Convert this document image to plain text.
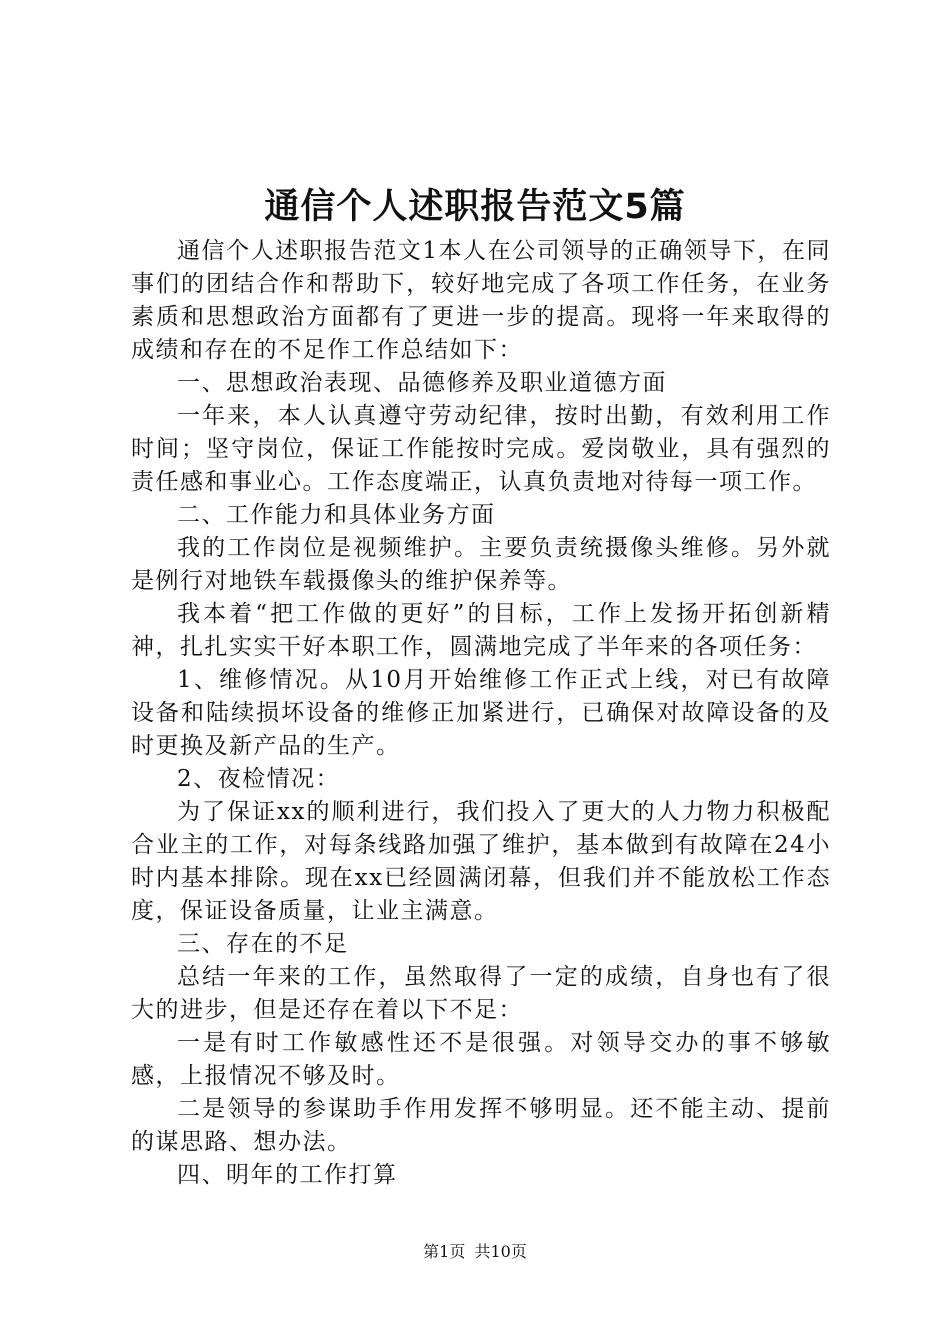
通信个人述职报告范文5篇

通信个人述职报告范文1本人在公司领导的正确领导下，在同事们的团结合作和帮助下，较好地完成了各项工作任务，在业务素质和思想政治方面都有了更进一步的提高。现将一年来取得的成绩和存在的不足作工作总结如下：

一、思想政治表现、品德修养及职业道德方面

一年来，本人认真遵守劳动纪律，按时出勤，有效利用工作时间；坚守岗位，保证工作能按时完成。爱岗敬业，具有强烈的责任感和事业心。工作态度端正，认真负责地对待每一项工作。

二、工作能力和具体业务方面

我的工作岗位是视频维护。主要负责统摄像头维修。另外就是例行对地铁车载摄像头的维护保养等。

我本着“把工作做的更好”的目标，工作上发扬开拓创新精神，扎扎实实干好本职工作，圆满地完成了半年来的各项任务：

1、维修情况。从10月开始维修工作正式上线，对已有故障设备和陆续损坏设备的维修正加紧进行，已确保对故障设备的及时更换及新产品的生产。

2、夜检情况：

为了保证xx的顺利进行，我们投入了更大的人力物力积极配合业主的工作，对每条线路加强了维护，基本做到有故障在24小时内基本排除。现在xx已经圆满闭幕，但我们并不能放松工作态度，保证设备质量，让业主满意。

三、存在的不足

总结一年来的工作，虽然取得了一定的成绩，自身也有了很大的进步，但是还存在着以下不足：

一是有时工作敏感性还不是很强。对领导交办的事不够敏感，上报情况不够及时。

二是领导的参谋助手作用发挥不够明显。还不能主动、提前的谋思路、想办法。

四、明年的工作打算

第1页 共10页
